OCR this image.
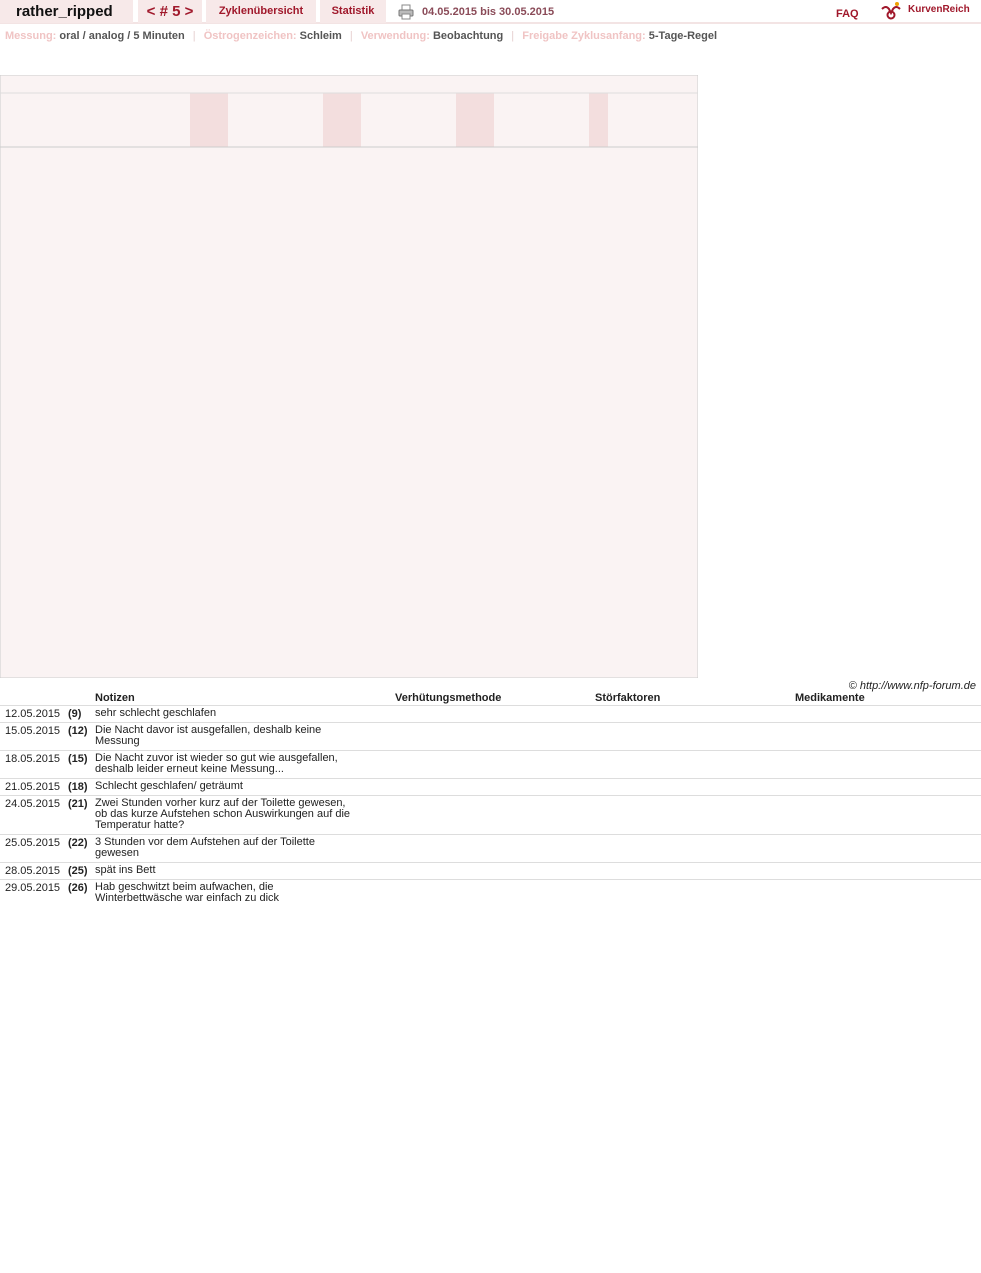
rather_ripped	< # 5 >	Zyklenübersicht	Statistik	04.05.2015 bis 30.05.2015	FAQ	KurvenReich
Messung: oral / analog / 5 Minuten | Östrogenzeichen: Schleim | Verwendung: Beobachtung | Freigabe Zyklusanfang: 5-Tage-Regel
© http://www.nfp-forum.de
Notizen	Verhütungsmethode	Störfaktoren	Medikamente
12.05.2015 (9) sehr schlecht geschlafen
15.05.2015 (12) Die Nacht davor ist ausgefallen, deshalb keine Messung
18.05.2015 (15) Die Nacht zuvor ist wieder so gut wie ausgefallen, deshalb leider erneut keine Messung...
21.05.2015 (18) Schlecht geschlafen/ geträumt
24.05.2015 (21) Zwei Stunden vorher kurz auf der Toilette gewesen, ob das kurze Aufstehen schon Auswirkungen auf die Temperatur hatte?
25.05.2015 (22) 3 Stunden vor dem Aufstehen auf der Toilette gewesen
28.05.2015 (25) spät ins Bett
29.05.2015 (26) Hab geschwitzt beim aufwachen, die Winterbettwäsche war einfach zu dick
